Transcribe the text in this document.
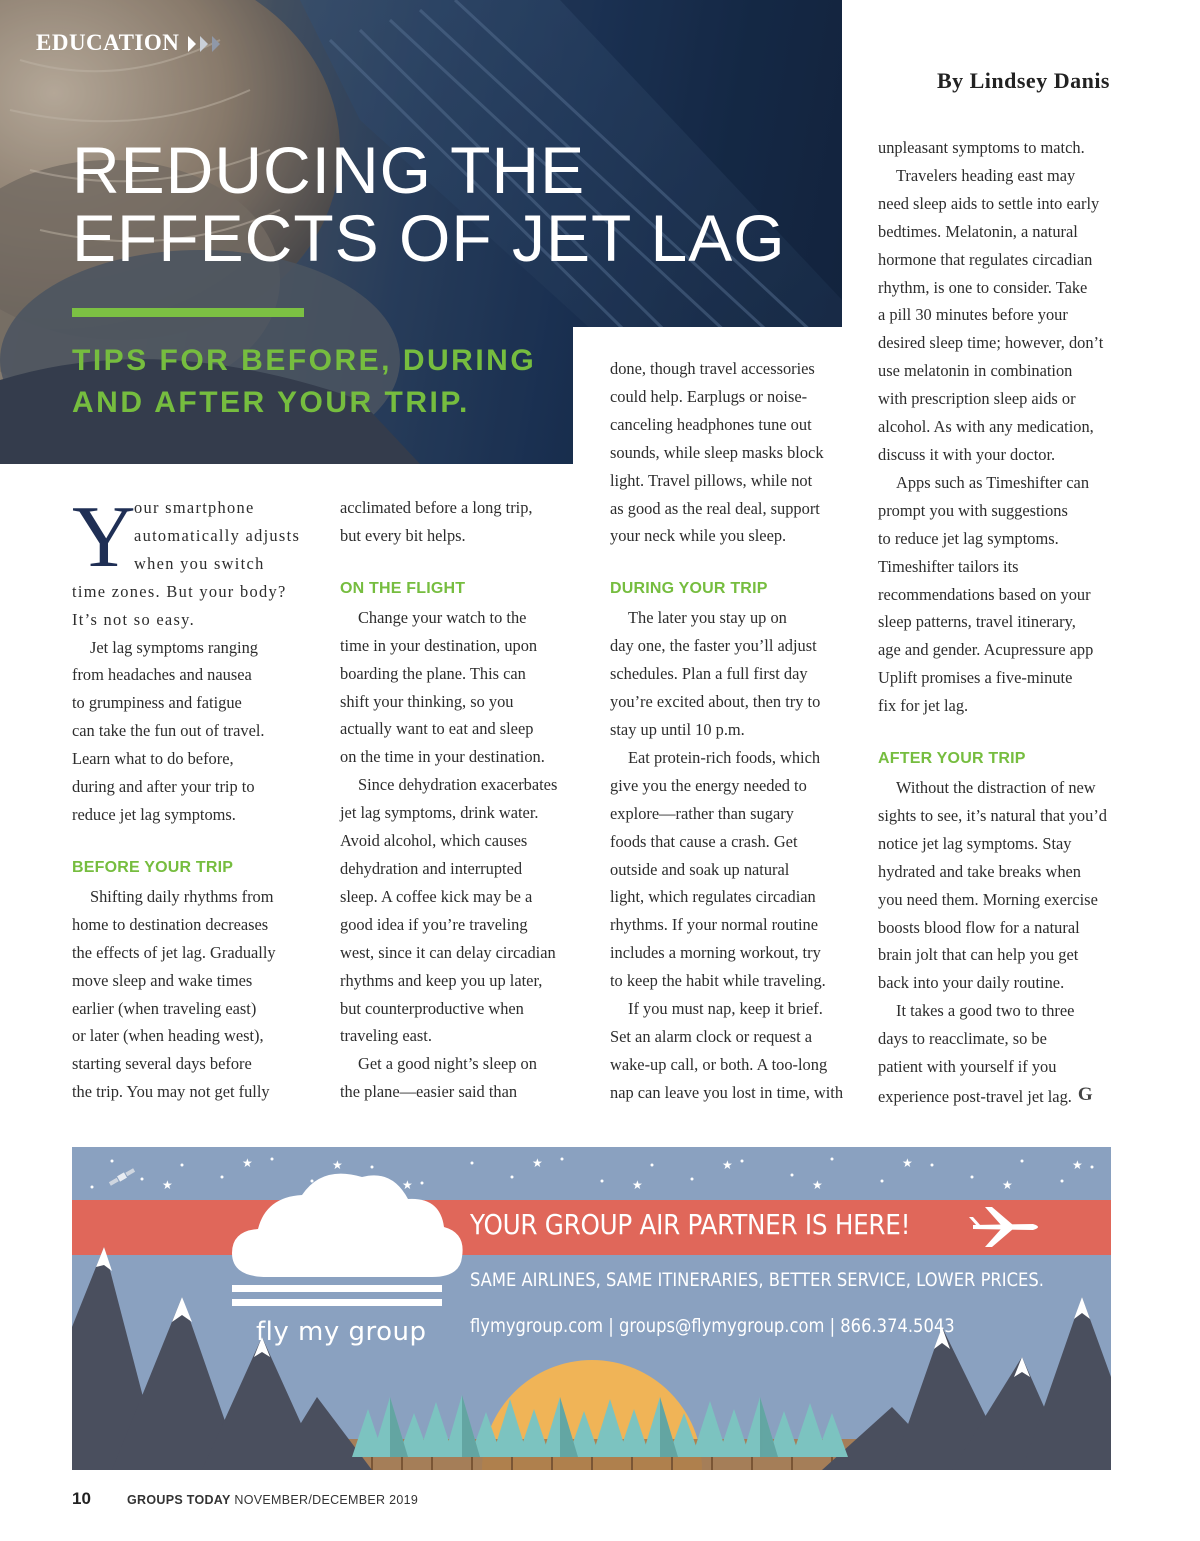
EDUCATION
REDUCING THE
EFFECTS OF JET LAG
TIPS FOR BEFORE, DURING
AND AFTER YOUR TRIP.

By Lindsey Danis

Y

our smartphone
automatically adjusts
when you switch
time zones. But your body?
It’s not so easy.

Jet lag symptoms ranging
from headaches and nausea
to grumpiness and fatigue
can take the fun out of travel.
Learn what to do before,
during and after your trip to
reduce jet lag symptoms.

BEFORE YOUR TRIP

Shifting daily rhythms from
home to destination decreases
the effects of jet lag. Gradually
move sleep and wake times
earlier (when traveling east)
or later (when heading west),
starting several days before
the trip. You may not get fully

acclimated before a long trip,
but every bit helps.

ON THE FLIGHT

Change your watch to the
time in your destination, upon
boarding the plane. This can
shift your thinking, so you
actually want to eat and sleep
on the time in your destination.

Since dehydration exacerbates
jet lag symptoms, drink water.
Avoid alcohol, which causes
dehydration and interrupted
sleep. A coffee kick may be a
good idea if you’re traveling
west, since it can delay circadian
rhythms and keep you up later,
but counterproductive when
traveling east.

Get a good night’s sleep on
the plane—easier said than

done, though travel accessories
could help. Earplugs or noise-
canceling headphones tune out
sounds, while sleep masks block
light. Travel pillows, while not
as good as the real deal, support
your neck while you sleep.

DURING YOUR TRIP

The later you stay up on
day one, the faster you’ll adjust
schedules. Plan a full first day
you’re excited about, then try to
stay up until 10 p.m.

Eat protein-rich foods, which
give you the energy needed to
explore—rather than sugary
foods that cause a crash. Get
outside and soak up natural
light, which regulates circadian
rhythms. If your normal routine
includes a morning workout, try
to keep the habit while traveling.

If you must nap, keep it brief.
Set an alarm clock or request a
wake-up call, or both. A too-long
nap can leave you lost in time, with

unpleasant symptoms to match.

Travelers heading east may
need sleep aids to settle into early
bedtimes. Melatonin, a natural
hormone that regulates circadian
rhythm, is one to consider. Take
a pill 30 minutes before your
desired sleep time; however, don’t
use melatonin in combination
with prescription sleep aids or
alcohol. As with any medication,
discuss it with your doctor.

Apps such as Timeshifter can
prompt you with suggestions
to reduce jet lag symptoms.
Timeshifter tailors its
recommendations based on your
sleep patterns, travel itinerary,
age and gender. Acupressure app
Uplift promises a five-minute
fix for jet lag.

AFTER YOUR TRIP

Without the distraction of new
sights to see, it’s natural that you’d
notice jet lag symptoms. Stay
hydrated and take breaks when
you need them. Morning exercise
boosts blood flow for a natural
brain jolt that can help you get
back into your daily routine.

It takes a good two to three
days to reacclimate, so be
patient with yourself if you
experience post-travel jet lag. G

★
★	★
★
★
★
★
★
★
★
★
fly my group
YOUR GROUP AIR PARTNER IS HERE!
SAME AIRLINES, SAME ITINERARIES, BETTER SERVICE, LOWER PRICES.
flymygroup.com | groups@flymygroup.com | 866.374.5043
10	GROUPS TODAY NOVEMBER/DECEMBER 2019
